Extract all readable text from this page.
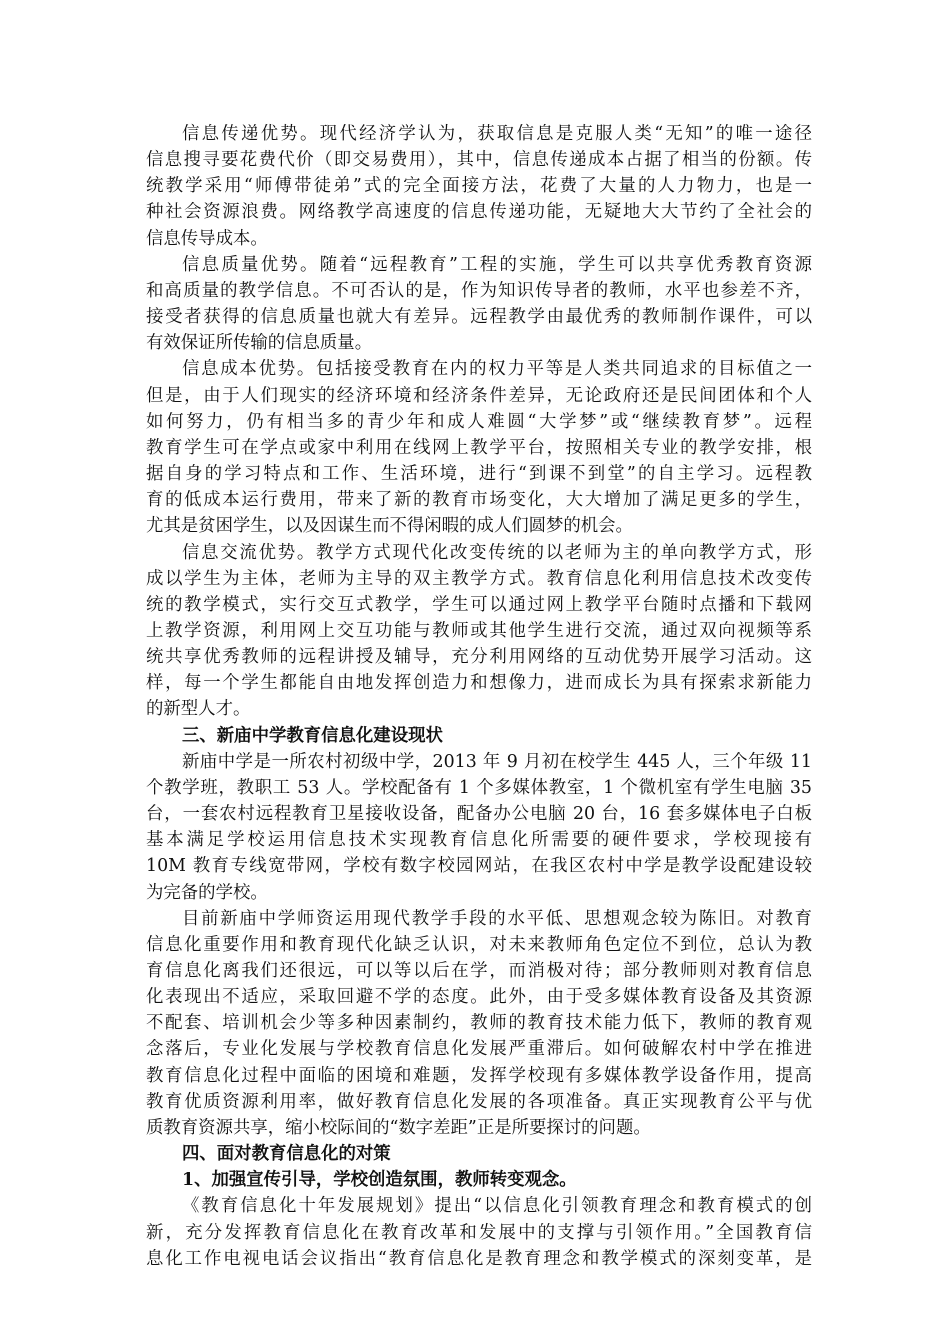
信息传递优势。现代经济学认为，获取信息是克服人类“无知”的唯一途径
信息搜寻要花费代价（即交易费用），其中，信息传递成本占据了相当的份额。传
统教学采用“师傅带徒弟”式的完全面接方法，花费了大量的人力物力，也是一
种社会资源浪费。网络教学高速度的信息传递功能，无疑地大大节约了全社会的
信息传导成本。
信息质量优势。随着“远程教育”工程的实施，学生可以共享优秀教育资源
和高质量的教学信息。不可否认的是，作为知识传导者的教师，水平也参差不齐，
接受者获得的信息质量也就大有差异。远程教学由最优秀的教师制作课件，可以
有效保证所传输的信息质量。
信息成本优势。包括接受教育在内的权力平等是人类共同追求的目标值之一
但是，由于人们现实的经济环境和经济条件差异，无论政府还是民间团体和个人
如何努力，仍有相当多的青少年和成人难圆“大学梦”或“继续教育梦”。远程
教育学生可在学点或家中利用在线网上教学平台，按照相关专业的教学安排，根
据自身的学习特点和工作、生活环境，进行“到课不到堂”的自主学习。远程教
育的低成本运行费用，带来了新的教育市场变化，大大增加了满足更多的学生，
尤其是贫困学生，以及因谋生而不得闲暇的成人们圆梦的机会。
信息交流优势。教学方式现代化改变传统的以老师为主的单向教学方式，形
成以学生为主体，老师为主导的双主教学方式。教育信息化利用信息技术改变传
统的教学模式，实行交互式教学，学生可以通过网上教学平台随时点播和下载网
上教学资源，利用网上交互功能与教师或其他学生进行交流，通过双向视频等系
统共享优秀教师的远程讲授及辅导，充分利用网络的互动优势开展学习活动。这
样，每一个学生都能自由地发挥创造力和想像力，进而成长为具有探索求新能力
的新型人才。
三、新庙中学教育信息化建设现状
新庙中学是一所农村初级中学，2013 年 9 月初在校学生 445 人，三个年级 11
个教学班，教职工 53 人。学校配备有 1 个多媒体教室，1 个微机室有学生电脑 35
台，一套农村远程教育卫星接收设备，配备办公电脑 20 台，16 套多媒体电子白板
基本满足学校运用信息技术实现教育信息化所需要的硬件要求，学校现接有
10M 教育专线宽带网，学校有数字校园网站，在我区农村中学是教学设配建设较
为完备的学校。
目前新庙中学师资运用现代教学手段的水平低、思想观念较为陈旧。对教育
信息化重要作用和教育现代化缺乏认识，对未来教师角色定位不到位，总认为教
育信息化离我们还很远，可以等以后在学，而消极对待；部分教师则对教育信息
化表现出不适应，采取回避不学的态度。此外，由于受多媒体教育设备及其资源
不配套、培训机会少等多种因素制约，教师的教育技术能力低下，教师的教育观
念落后，专业化发展与学校教育信息化发展严重滞后。如何破解农村中学在推进
教育信息化过程中面临的困境和难题，发挥学校现有多媒体教学设备作用，提高
教育优质资源利用率，做好教育信息化发展的各项准备。真正实现教育公平与优
质教育资源共享，缩小校际间的“数字差距”正是所要探讨的问题。
四、面对教育信息化的对策
1、加强宣传引导，学校创造氛围，教师转变观念。
《教育信息化十年发展规划》提出“以信息化引领教育理念和教育模式的创
新，充分发挥教育信息化在教育改革和发展中的支撑与引领作用。”全国教育信
息化工作电视电话会议指出“教育信息化是教育理念和教学模式的深刻变革，是
